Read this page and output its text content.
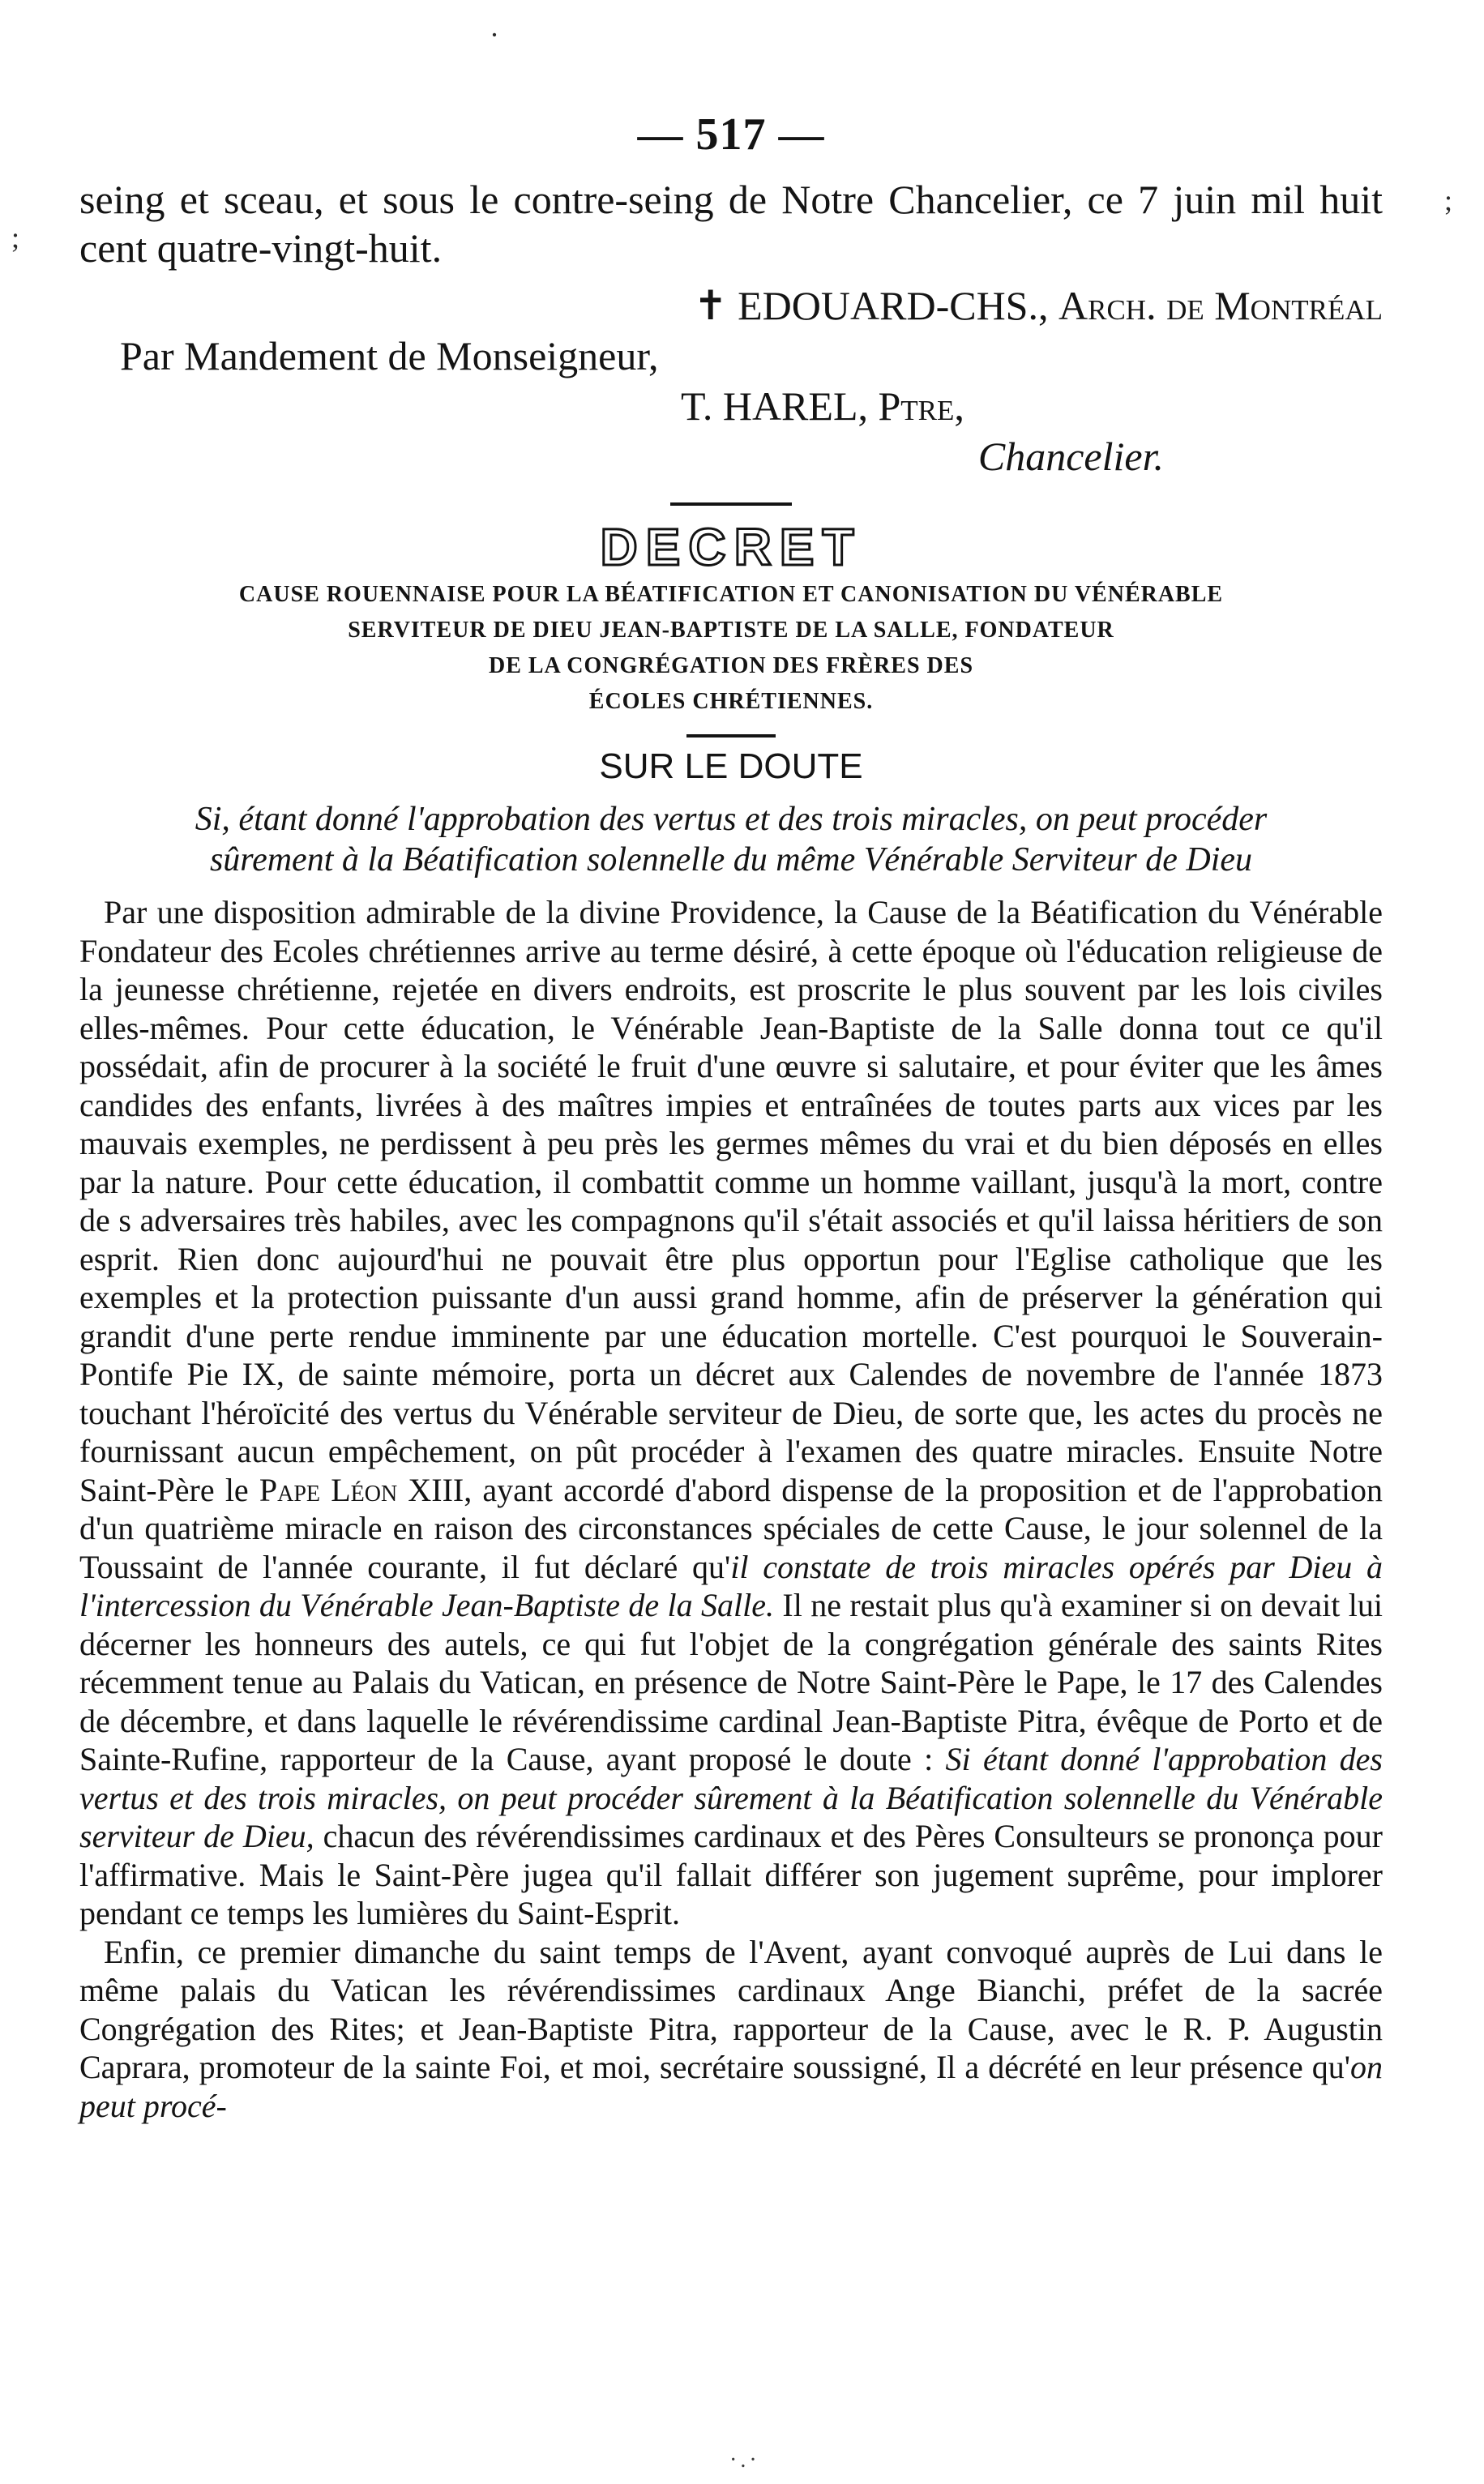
·
;
;
— 517 —
seing et sceau, et sous le contre-seing de Notre Chancelier, ce 7 juin mil huit cent quatre-vingt-huit.
✝ EDOUARD-CHS., Arch. de Montréal
Par Mandement de Monseigneur,
T. HAREL, Ptre,
Chancelier.
DECRET

CAUSE ROUENNAISE POUR LA BÉATIFICATION ET CANONISATION DU VÉNÉRABLE

SERVITEUR DE DIEU JEAN-BAPTISTE DE LA SALLE, FONDATEUR

DE LA CONGRÉGATION DES FRÈRES DES

ÉCOLES CHRÉTIENNES.

SUR LE DOUTE

Si, étant donné l'approbation des vertus et des trois miracles, on peut procéder

sûrement à la Béatification solennelle du même Vénérable Serviteur de Dieu

Par une disposition admirable de la divine Providence, la Cause de la Béatification du Vénérable Fondateur des Ecoles chrétiennes arrive au terme désiré, à cette époque où l'éducation religieuse de la jeunesse chrétienne, rejetée en divers endroits, est proscrite le plus souvent par les lois civiles elles-mêmes. Pour cette éducation, le Vénérable Jean-Baptiste de la Salle donna tout ce qu'il possédait, afin de procurer à la société le fruit d'une œuvre si salutaire, et pour éviter que les âmes candides des enfants, livrées à des maîtres impies et entraînées de toutes parts aux vices par les mauvais exemples, ne perdissent à peu près les germes mêmes du vrai et du bien déposés en elles par la nature. Pour cette éducation, il combattit comme un homme vaillant, jusqu'à la mort, contre de s adversaires très habiles, avec les compagnons qu'il s'était associés et qu'il laissa héritiers de son esprit. Rien donc aujourd'hui ne pouvait être plus opportun pour l'Eglise catholique que les exemples et la protection puissante d'un aussi grand homme, afin de préserver la génération qui grandit d'une perte rendue imminente par une éducation mortelle. C'est pourquoi le Souverain-Pontife Pie IX, de sainte mémoire, porta un décret aux Calendes de novembre de l'année 1873 touchant l'héroïcité des vertus du Vénérable serviteur de Dieu, de sorte que, les actes du procès ne fournissant aucun empêchement, on pût procéder à l'examen des quatre miracles. Ensuite Notre Saint-Père le Pape Léon XIII, ayant accordé d'abord dispense de la proposition et de l'approbation d'un quatrième miracle en raison des circonstances spéciales de cette Cause, le jour solennel de la Toussaint de l'année courante, il fut déclaré qu'il constate de trois miracles opérés par Dieu à l'intercession du Vénérable Jean-Baptiste de la Salle. Il ne restait plus qu'à examiner si on devait lui décerner les honneurs des autels, ce qui fut l'objet de la congrégation générale des saints Rites récemment tenue au Palais du Vatican, en présence de Notre Saint-Père le Pape, le 17 des Calendes de décembre, et dans laquelle le révérendissime cardinal Jean-Baptiste Pitra, évêque de Porto et de Sainte-Rufine, rapporteur de la Cause, ayant proposé le doute : Si étant donné l'approbation des vertus et des trois miracles, on peut procéder sûrement à la Béatification solennelle du Vénérable serviteur de Dieu, chacun des révérendissimes cardinaux et des Pères Consulteurs se prononça pour l'affirmative. Mais le Saint-Père jugea qu'il fallait différer son jugement suprême, pour implorer pendant ce temps les lumières du Saint-Esprit.

Enfin, ce premier dimanche du saint temps de l'Avent, ayant convoqué auprès de Lui dans le même palais du Vatican les révérendissimes cardinaux Ange Bianchi, préfet de la sacrée Congrégation des Rites; et Jean-Baptiste Pitra, rapporteur de la Cause, avec le R. P. Augustin Caprara, promoteur de la sainte Foi, et moi, secrétaire soussigné, Il a décrété en leur présence qu'on peut procé-

·.·
